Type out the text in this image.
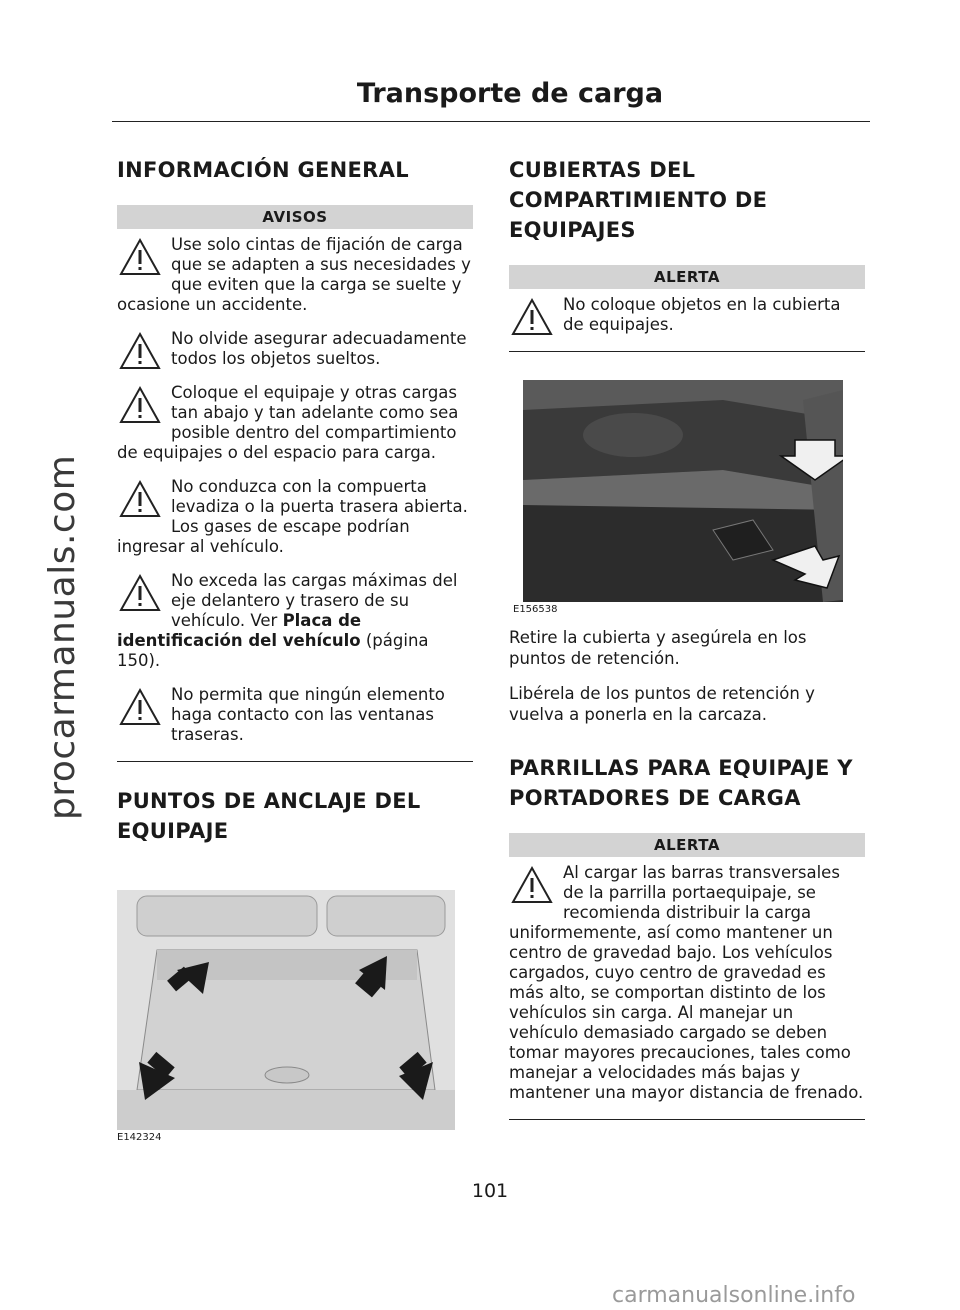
procarmanuals.com
Transporte de carga
INFORMACIÓN GENERAL
AVISOS
Use solo cintas de fijación de carga que se adapten a sus necesidades y que eviten que la carga se suelte y ocasione un accidente.
No olvide asegurar adecuadamente todos los objetos sueltos.
Coloque el equipaje y otras cargas tan abajo y tan adelante como sea posible dentro del compartimiento de equipajes o del espacio para carga.
No conduzca con la compuerta levadiza o la puerta trasera abierta. Los gases de escape podrían ingresar al vehículo.
No exceda las cargas máximas del eje delantero y trasero de su vehículo. Ver Placa de identificación del vehículo (página 150).
No permita que ningún elemento haga contacto con las ventanas traseras.
PUNTOS DE ANCLAJE DEL EQUIPAJE
E142324
CUBIERTAS DEL COMPARTIMIENTO DE EQUIPAJES
ALERTA
No coloque objetos en la cubierta de equipajes.
E156538

Retire la cubierta y asegúrela en los puntos de retención.

Libérela de los puntos de retención y vuelva a ponerla en la carcaza.

PARRILLAS PARA EQUIPAJE Y PORTADORES DE CARGA
ALERTA
Al cargar las barras transversales de la parrilla portaequipaje, se recomienda distribuir la carga uniformemente, así como mantener un centro de gravedad bajo. Los vehículos cargados, cuyo centro de gravedad es más alto, se comportan distinto de los vehículos sin carga. Al manejar un vehículo demasiado cargado se deben tomar mayores precauciones, tales como manejar a velocidades más bajas y mantener una mayor distancia de frenado.
101
carmanualsonline.info
